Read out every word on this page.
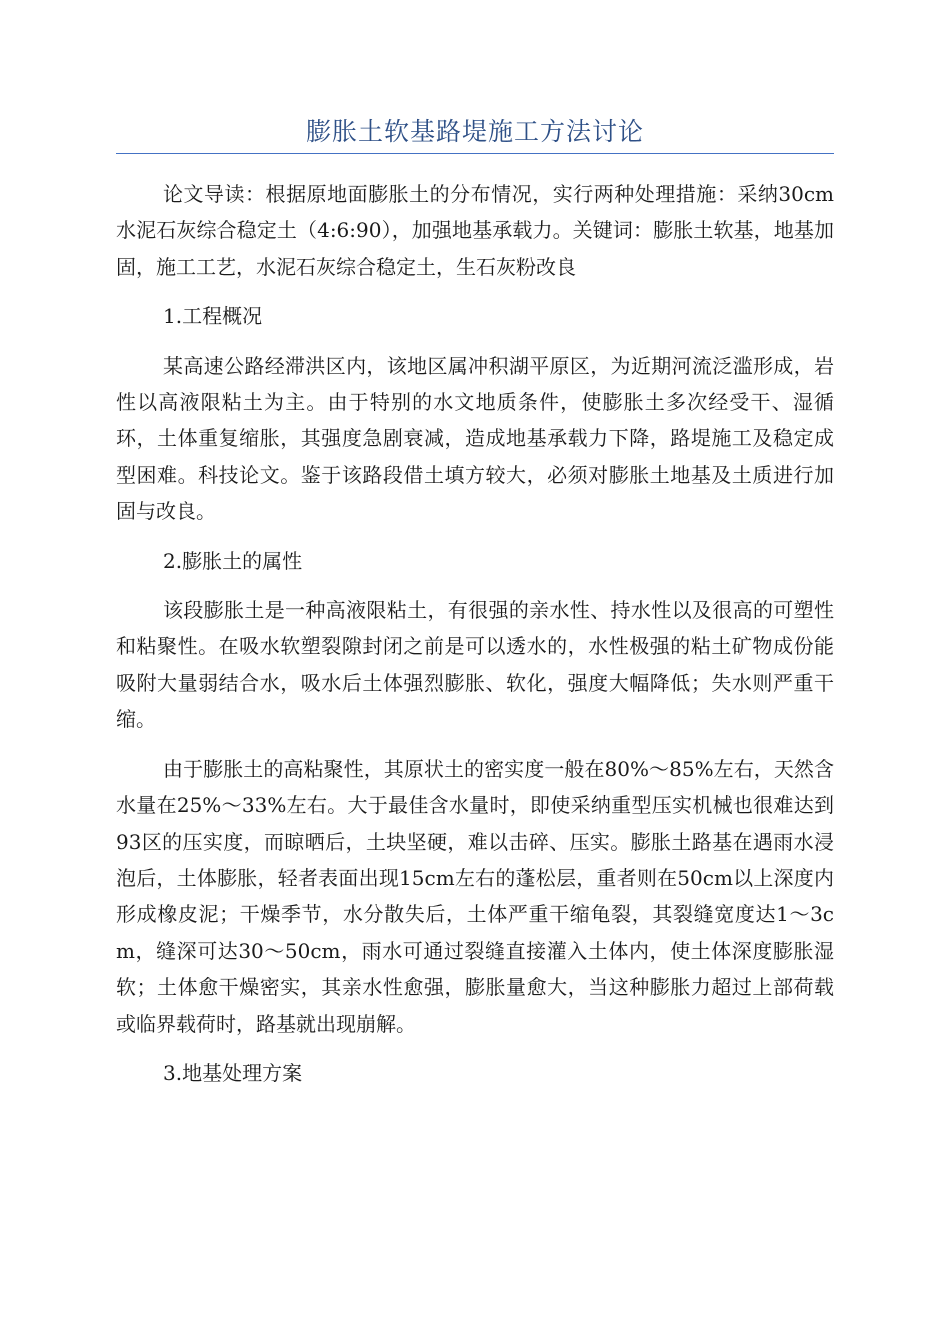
膨胀土软基路堤施工方法讨论

论文导读：根据原地面膨胀土的分布情况，实行两种处理措施：采纳30cm水泥石灰综合稳定土（4:6:90），加强地基承载力。关键词：膨胀土软基，地基加固，施工工艺，水泥石灰综合稳定土，生石灰粉改良

1.工程概况

某高速公路经滞洪区内，该地区属冲积湖平原区，为近期河流泛滥形成，岩性以高液限粘土为主。由于特别的水文地质条件，使膨胀土多次经受干、湿循环，土体重复缩胀，其强度急剧衰减，造成地基承载力下降，路堤施工及稳定成型困难。科技论文。鉴于该路段借土填方较大，必须对膨胀土地基及土质进行加固与改良。

2.膨胀土的属性

该段膨胀土是一种高液限粘土，有很强的亲水性、持水性以及很高的可塑性和粘聚性。在吸水软塑裂隙封闭之前是可以透水的，水性极强的粘土矿物成份能吸附大量弱结合水，吸水后土体强烈膨胀、软化，强度大幅降低；失水则严重干缩。

由于膨胀土的高粘聚性，其原状土的密实度一般在80%～85%左右，天然含水量在25%～33%左右。大于最佳含水量时，即使采纳重型压实机械也很难达到93区的压实度，而晾晒后，土块坚硬，难以击碎、压实。膨胀土路基在遇雨水浸泡后，土体膨胀，轻者表面出现15cm左右的蓬松层，重者则在50cm以上深度内形成橡皮泥；干燥季节，水分散失后，土体严重干缩龟裂，其裂缝宽度达1～3cm，缝深可达30～50cm，雨水可通过裂缝直接灌入土体内，使土体深度膨胀湿软；土体愈干燥密实，其亲水性愈强，膨胀量愈大，当这种膨胀力超过上部荷载或临界载荷时，路基就出现崩解。

3.地基处理方案
